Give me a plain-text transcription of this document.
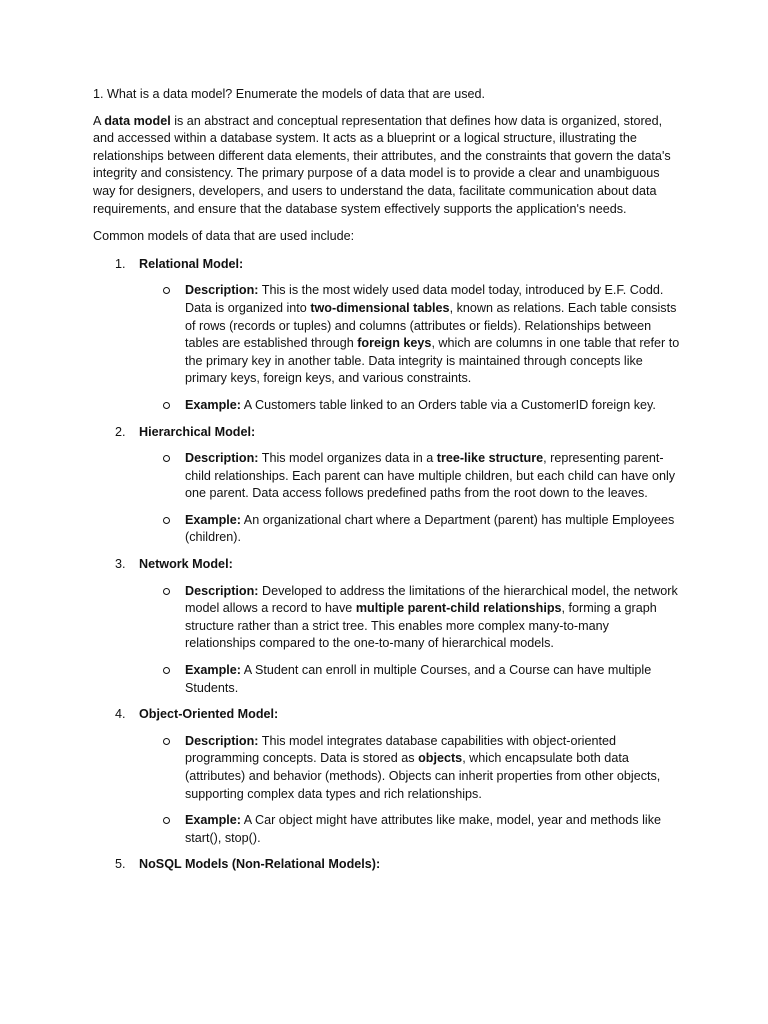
1. What is a data model? Enumerate the models of data that are used.

A data model is an abstract and conceptual representation that defines how data is organized, stored, and accessed within a database system. It acts as a blueprint or a logical structure, illustrating the relationships between different data elements, their attributes, and the constraints that govern the data's integrity and consistency. The primary purpose of a data model is to provide a clear and unambiguous way for designers, developers, and users to understand the data, facilitate communication about data requirements, and ensure that the database system effectively supports the application's needs.

Common models of data that are used include:

1. Relational Model:
Description: This is the most widely used data model today, introduced by E.F. Codd. Data is organized into two-dimensional tables, known as relations. Each table consists of rows (records or tuples) and columns (attributes or fields). Relationships between tables are established through foreign keys, which are columns in one table that refer to the primary key in another table. Data integrity is maintained through concepts like primary keys, foreign keys, and various constraints.
Example: A Customers table linked to an Orders table via a CustomerID foreign key.
2. Hierarchical Model:
Description: This model organizes data in a tree-like structure, representing parent-child relationships. Each parent can have multiple children, but each child can have only one parent. Data access follows predefined paths from the root down to the leaves.
Example: An organizational chart where a Department (parent) has multiple Employees (children).
3. Network Model:
Description: Developed to address the limitations of the hierarchical model, the network model allows a record to have multiple parent-child relationships, forming a graph structure rather than a strict tree. This enables more complex many-to-many relationships compared to the one-to-many of hierarchical models.
Example: A Student can enroll in multiple Courses, and a Course can have multiple Students.
4. Object-Oriented Model:
Description: This model integrates database capabilities with object-oriented programming concepts. Data is stored as objects, which encapsulate both data (attributes) and behavior (methods). Objects can inherit properties from other objects, supporting complex data types and rich relationships.
Example: A Car object might have attributes like make, model, year and methods like start(), stop().
5. NoSQL Models (Non-Relational Models):
